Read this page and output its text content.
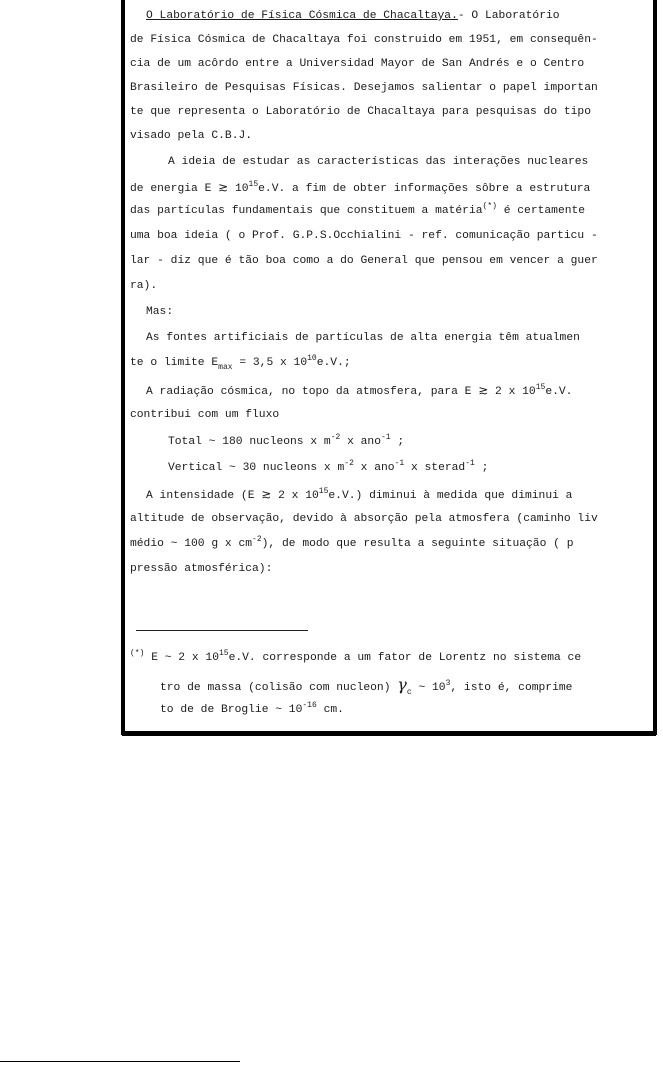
O Laboratório de Física Cósmica de Chacaltaya.- O Laboratório
de Física Cósmica de Chacaltaya foi construido em 1951, em consequên-
cia de um acôrdo entre a Universidad Mayor de San Andrés e o Centro
Brasileiro de Pesquisas Físicas. Desejamos salientar o papel importan
te que representa o Laboratório de Chacaltaya para pesquisas do tipo
visado pela C.B.J.
A ideia de estudar as características das interações nucleares
de energia E ≳ $10^{15}e.V$. a fim de obter informações sôbre a estrutura
das partículas fundamentais que constituem a matéria(*) é certamente
uma boa ideia ( o Prof. G.P.S.Occhialini - ref. comunicação particu -
lar - diz que é tão boa como a do General que pensou em vencer a guer
ra).
Mas:
As fontes artificiais de partículas de alta energia têm atualmen
te o limite $E_{max} = 3,5$ x $10^{10}e.V$.;
A radiação cósmica, no topo da atmosfera, para E ≳ 2 x $10^{15}e.V$.
contribui com um fluxo
Total ~ 180 nucleons x $m^{-2}$ x ano$^{-1}$ ;
Vertical ~ 30 nucleons x $m^{-2}$ x ano$^{-1}$ x sterad$^{-1}$ ;
A intensidade (E ≳ 2 x $10^{15}e.V$.) diminui à medida que diminui a
altitude de observação, devido à absorção pela atmosfera (caminho liv
médio ~ 100 g x $cm^{-2}$), de modo que resulta a seguinte situação ( p
pressão atmosférica):
(*) E ~ 2 x $10^{15}e.V$. corresponde a um fator de Lorentz no sistema ce
tro de massa (colisão com nucleon) $\gamma_c$ ~ $10^3$, isto é, comprime
to de de Broglie ~ $10^{-16}$ cm.
